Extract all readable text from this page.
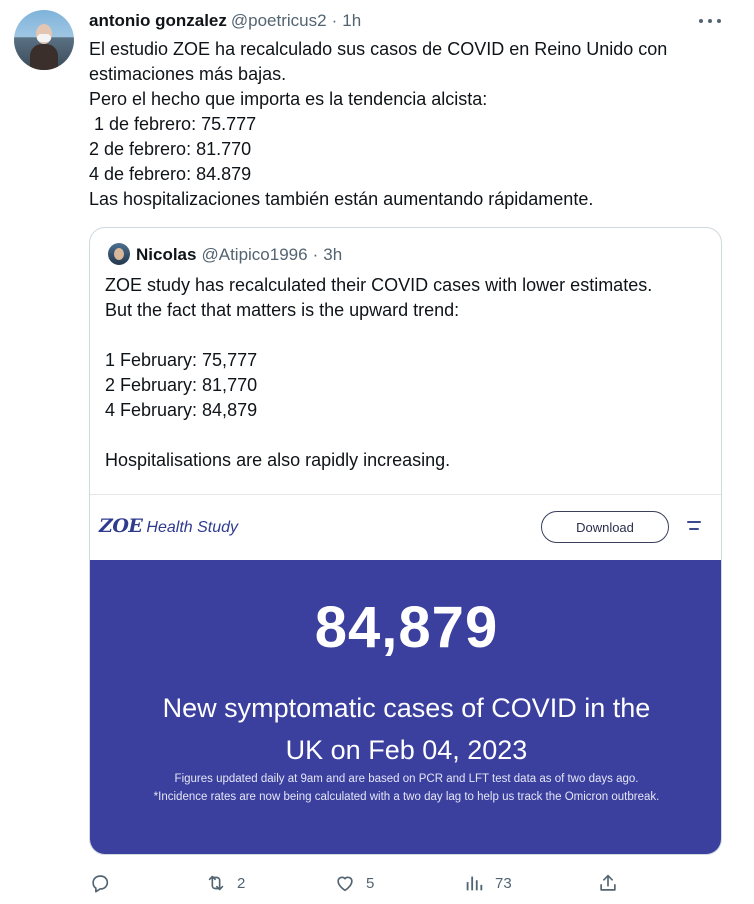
antonio gonzalez @poetricus2 · 1h
El estudio ZOE ha recalculado sus casos de COVID en Reino Unido con
estimaciones más bajas.
Pero el hecho que importa es la tendencia alcista:
1 de febrero: 75.777
2 de febrero: 81.770
4 de febrero: 84.879
Las hospitalizaciones también están aumentando rápidamente.
Nicolas @Atipico1996 · 3h
ZOE study has recalculated their COVID cases with lower estimates.
But the fact that matters is the upward trend:
1 February: 75,777
2 February: 81,770
4 February: 84,879
Hospitalisations are also rapidly increasing.
ZOE Health Study	Download
84,879
New symptomatic cases of COVID in the
UK on Feb 04, 2023
Figures updated daily at 9am and are based on PCR and LFT test data as of two days ago.
*Incidence rates are now being calculated with a two day lag to help us track the Omicron outbreak.
2	5	73
